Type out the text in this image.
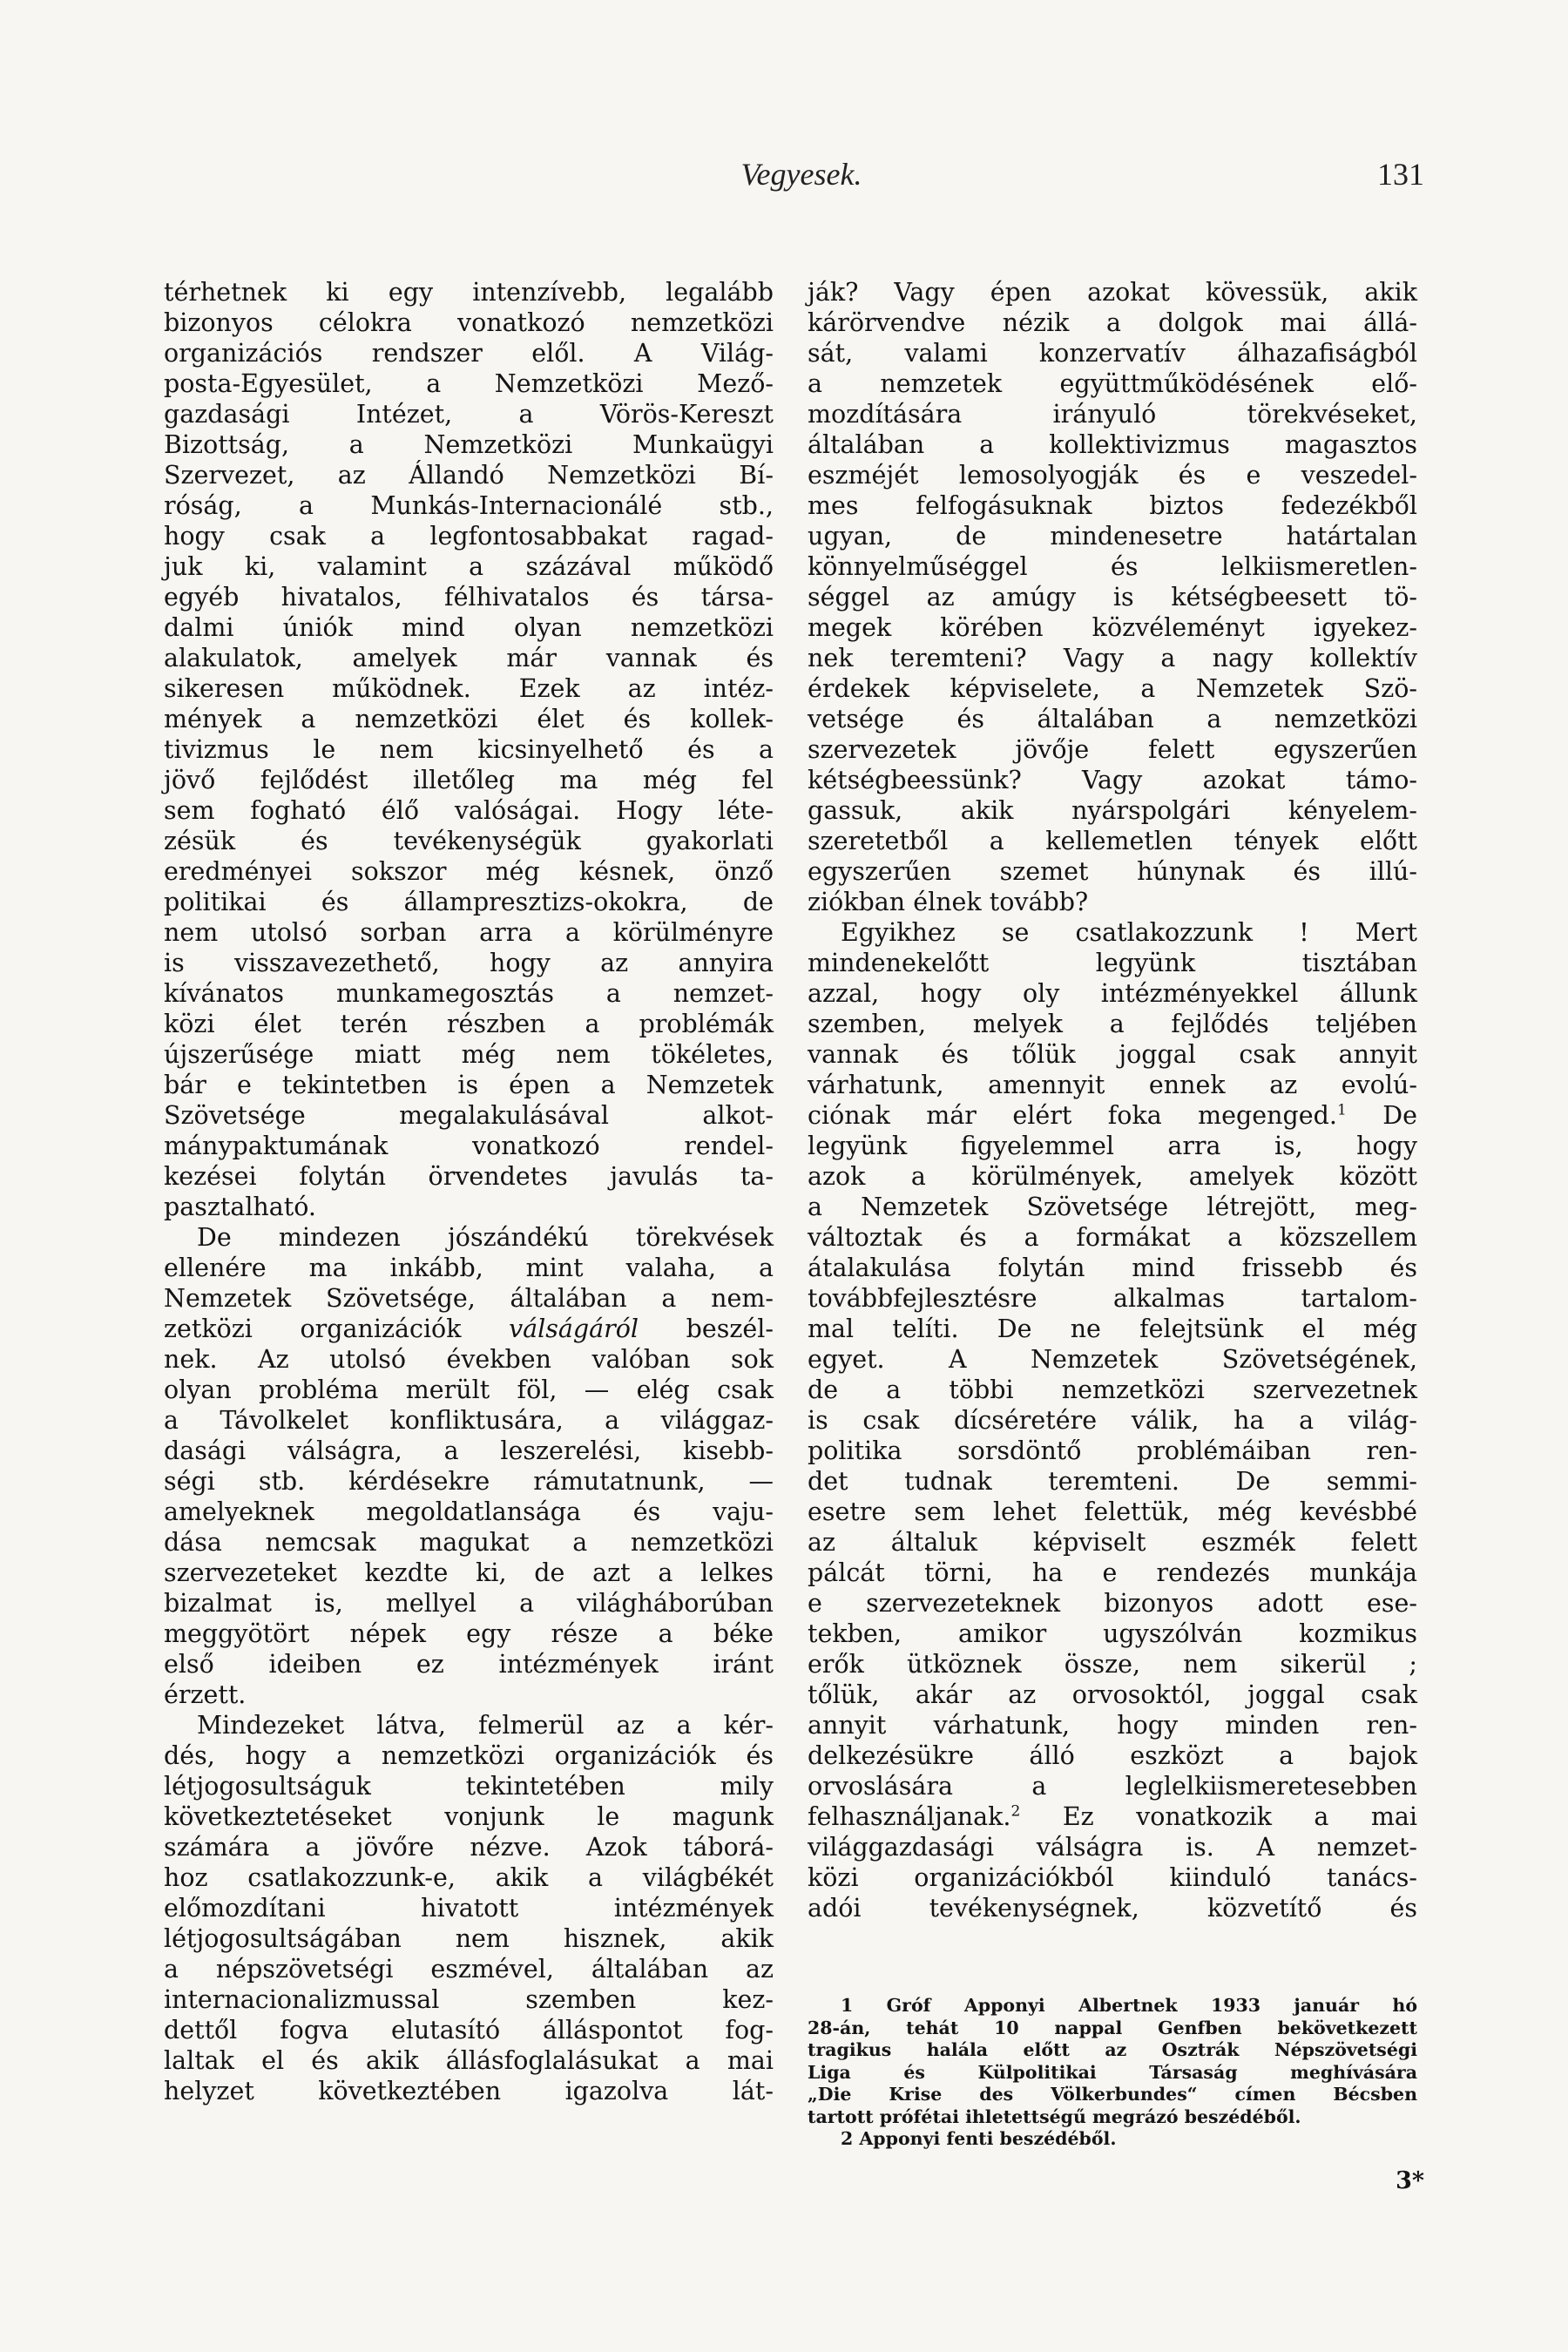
Vegyesek.	131
térhetnek ki egy intenzívebb, legalább
bizonyos célokra vonatkozó nemzetközi
organizációs rendszer elől. A Világ-
posta-Egyesület, a Nemzetközi Mező-
gazdasági Intézet, a Vörös-Kereszt
Bizottság, a Nemzetközi Munkaügyi
Szervezet, az Állandó Nemzetközi Bí-
róság, a Munkás-Internacionálé stb.,
hogy csak a legfontosabbakat ragad-
juk ki, valamint a százával működő
egyéb hivatalos, félhivatalos és társa-
dalmi úniók mind olyan nemzetközi
alakulatok, amelyek már vannak és
sikeresen működnek. Ezek az intéz-
mények a nemzetközi élet és kollek-
tivizmus le nem kicsinyelhető és a
jövő fejlődést illetőleg ma még fel
sem fogható élő valóságai. Hogy léte-
zésük és tevékenységük gyakorlati
eredményei sokszor még késnek, önző
politikai és állampresztizs-okokra, de
nem utolsó sorban arra a körülményre
is visszavezethető, hogy az annyira
kívánatos munkamegosztás a nemzet-
közi élet terén részben a problémák
újszerűsége miatt még nem tökéletes,
bár e tekintetben is épen a Nemzetek
Szövetsége megalakulásával alkot-
mánypaktumának vonatkozó rendel-
kezései folytán örvendetes javulás ta-
pasztalható.
De mindezen jószándékú törekvések
ellenére ma inkább, mint valaha, a
Nemzetek Szövetsége, általában a nem-
zetközi organizációk válságáról beszél-
nek. Az utolsó években valóban sok
olyan probléma merült föl, — elég csak
a Távolkelet konfliktusára, a világgaz-
dasági válságra, a leszerelési, kisebb-
ségi stb. kérdésekre rámutatnunk, —
amelyeknek megoldatlansága és vaju-
dása nemcsak magukat a nemzetközi
szervezeteket kezdte ki, de azt a lelkes
bizalmat is, mellyel a világháborúban
meggyötört népek egy része a béke
első ideiben ez intézmények iránt
érzett.
Mindezeket látva, felmerül az a kér-
dés, hogy a nemzetközi organizációk és
létjogosultságuk tekintetében mily
következtetéseket vonjunk le magunk
számára a jövőre nézve. Azok táborá-
hoz csatlakozzunk-e, akik a világbékét
előmozdítani hivatott intézmények
létjogosultságában nem hisznek, akik
a népszövetségi eszmével, általában az
internacionalizmussal szemben kez-
dettől fogva elutasító álláspontot fog-
laltak el és akik állásfoglalásukat a mai
helyzet következtében igazolva lát-
ják? Vagy épen azokat kövessük, akik
kárörvendve nézik a dolgok mai állá-
sát, valami konzervatív álhazafiságból
a nemzetek együttműködésének elő-
mozdítására irányuló törekvéseket,
általában a kollektivizmus magasztos
eszméjét lemosolyogják és e veszedel-
mes felfogásuknak biztos fedezékből
ugyan, de mindenesetre határtalan
könnyelműséggel és lelkiismeretlen-
séggel az amúgy is kétségbeesett tö-
megek körében közvéleményt igyekez-
nek teremteni? Vagy a nagy kollektív
érdekek képviselete, a Nemzetek Szö-
vetsége és általában a nemzetközi
szervezetek jövője felett egyszerűen
kétségbeessünk? Vagy azokat támo-
gassuk, akik nyárspolgári kényelem-
szeretetből a kellemetlen tények előtt
egyszerűen szemet húnynak és illú-
ziókban élnek tovább?
Egyikhez se csatlakozzunk ! Mert
mindenekelőtt legyünk tisztában
azzal, hogy oly intézményekkel állunk
szemben, melyek a fejlődés teljében
vannak és tőlük joggal csak annyit
várhatunk, amennyit ennek az evolú-
ciónak már elért foka megenged.$^1$ De
legyünk figyelemmel arra is, hogy
azok a körülmények, amelyek között
a Nemzetek Szövetsége létrejött, meg-
változtak és a formákat a közszellem
átalakulása folytán mind frissebb és
továbbfejlesztésre alkalmas tartalom-
mal telíti. De ne felejtsünk el még
egyet. A Nemzetek Szövetségének,
de a többi nemzetközi szervezetnek
is csak dícséretére válik, ha a világ-
politika sorsdöntő problémáiban ren-
det tudnak teremteni. De semmi-
esetre sem lehet felettük, még kevésbbé
az általuk képviselt eszmék felett
pálcát törni, ha e rendezés munkája
e szervezeteknek bizonyos adott ese-
tekben, amikor ugyszólván kozmikus
erők ütköznek össze, nem sikerül ;
tőlük, akár az orvosoktól, joggal csak
annyit várhatunk, hogy minden ren-
delkezésükre álló eszközt a bajok
orvoslására a leglelkiismeretesebben
felhasználjanak.$^2$ Ez vonatkozik a mai
világgazdasági válságra is. A nemzet-
közi organizációkból kiinduló tanács-
adói tevékenységnek, közvetítő és
1 Gróf Apponyi Albertnek 1933 január hó
28-án, tehát 10 nappal Genfben bekövetkezett
tragikus halála előtt az Osztrák Népszövetségi
Liga és Külpolitikai Társaság meghívására
„Die Krise des Völkerbundes“ címen Bécsben
tartott prófétai ihletettségű megrázó beszédéből.
2 Apponyi fenti beszédéből.
3*
